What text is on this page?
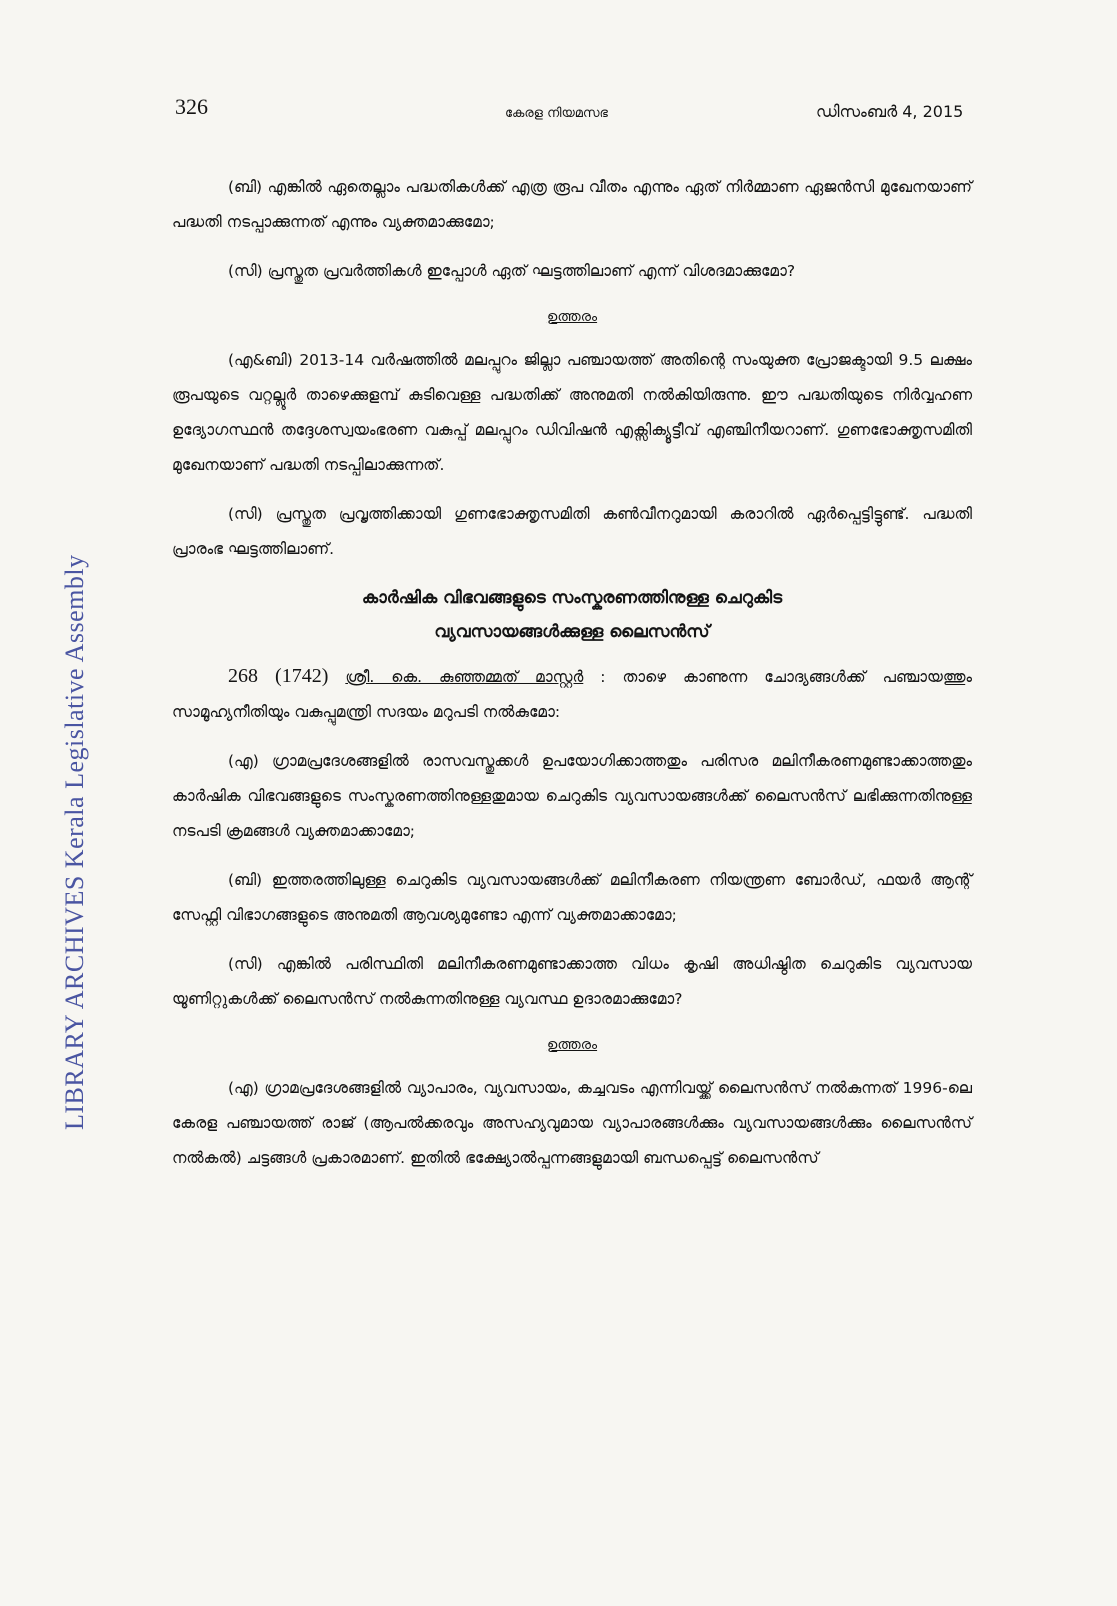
LIBRARY ARCHIVES Kerala Legislative Assembly
326	കേരള നിയമസഭ	ഡിസംബർ 4, 2015

(ബി) എങ്കിൽ ഏതെല്ലാം പദ്ധതികൾക്ക് എത്ര രൂപ വീതം എന്നും ഏത് നിർമ്മാണ ഏജൻസി മുഖേനയാണ് പദ്ധതി നടപ്പാക്കുന്നത് എന്നും വ്യക്തമാക്കുമോ;

(സി) പ്രസ്തുത പ്രവർത്തികൾ ഇപ്പോൾ ഏത് ഘട്ടത്തിലാണ് എന്ന് വിശദമാക്കുമോ?

ഉത്തരം

(എ&ബി) 2013-14 വർഷത്തിൽ മലപ്പുറം ജില്ലാ പഞ്ചായത്ത് അതിന്റെ സംയുക്ത പ്രോജക്ടായി 9.5 ലക്ഷം രൂപയുടെ വറ്റല്ലൂർ താഴെക്കുളമ്പ് കുടിവെള്ള പദ്ധതിക്ക് അനുമതി നൽകിയിരുന്നു. ഈ പദ്ധതിയുടെ നിർവ്വഹണ ഉദ്യോഗസ്ഥൻ തദ്ദേശസ്വയംഭരണ വകുപ്പ് മലപ്പുറം ഡിവിഷൻ എക്സിക്യൂട്ടീവ് എഞ്ചിനീയറാണ്. ഗുണഭോക്തൃസമിതി മുഖേനയാണ് പദ്ധതി നടപ്പിലാക്കുന്നത്.

(സി) പ്രസ്തുത പ്രവൃത്തിക്കായി ഗുണഭോക്തൃസമിതി കൺവീനറുമായി കരാറിൽ ഏർപ്പെട്ടിട്ടുണ്ട്. പദ്ധതി പ്രാരംഭ ഘട്ടത്തിലാണ്.

കാർഷിക വിഭവങ്ങളുടെ സംസ്കരണത്തിനുള്ള ചെറുകിട
വ്യവസായങ്ങൾക്കുള്ള ലൈസൻസ്

268 (1742) ശ്രീ. കെ. കുഞ്ഞമ്മത് മാസ്റ്റർ : താഴെ കാണുന്ന ചോദ്യങ്ങൾക്ക് പഞ്ചായത്തും സാമൂഹ്യനീതിയും വകുപ്പുമന്ത്രി സദയം മറുപടി നൽകുമോ:

(എ) ഗ്രാമപ്രദേശങ്ങളിൽ രാസവസ്തുക്കൾ ഉപയോഗിക്കാത്തതും പരിസര മലിനീകരണമുണ്ടാക്കാത്തതും കാർഷിക വിഭവങ്ങളുടെ സംസ്കരണത്തിനുള്ളതുമായ ചെറുകിട വ്യവസായങ്ങൾക്ക് ലൈസൻസ് ലഭിക്കുന്നതിനുള്ള നടപടി ക്രമങ്ങൾ വ്യക്തമാക്കാമോ;

(ബി) ഇത്തരത്തിലുള്ള ചെറുകിട വ്യവസായങ്ങൾക്ക് മലിനീകരണ നിയന്ത്രണ ബോർഡ്, ഫയർ ആന്റ് സേഫ്റ്റി വിഭാഗങ്ങളുടെ അനുമതി ആവശ്യമുണ്ടോ എന്ന് വ്യക്തമാക്കാമോ;

(സി) എങ്കിൽ പരിസ്ഥിതി മലിനീകരണമുണ്ടാക്കാത്ത വിധം കൃഷി അധിഷ്ഠിത ചെറുകിട വ്യവസായ യൂണിറ്റുകൾക്ക് ലൈസൻസ് നൽകുന്നതിനുള്ള വ്യവസ്ഥ ഉദാരമാക്കുമോ?

ഉത്തരം

(എ) ഗ്രാമപ്രദേശങ്ങളിൽ വ്യാപാരം, വ്യവസായം, കച്ചവടം എന്നിവയ്ക്ക് ലൈസൻസ് നൽകുന്നത് 1996-ലെ കേരള പഞ്ചായത്ത് രാജ് (ആപൽക്കരവും അസഹ്യവുമായ വ്യാപാരങ്ങൾക്കും വ്യവസായങ്ങൾക്കും ലൈസൻസ് നൽകൽ) ചട്ടങ്ങൾ പ്രകാരമാണ്. ഇതിൽ ഭക്ഷ്യോൽപ്പന്നങ്ങളുമായി ബന്ധപ്പെട്ട് ലൈസൻസ്
